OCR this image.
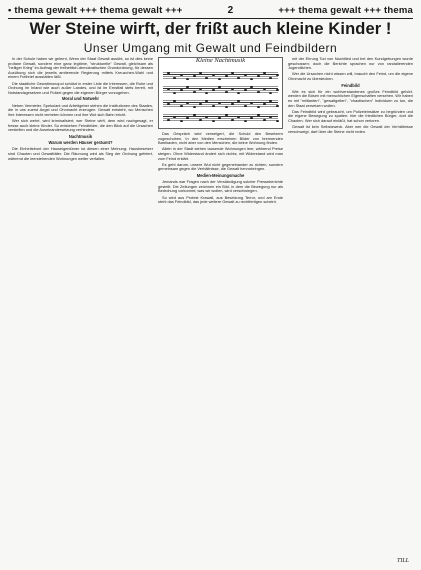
• thema gewalt +++ thema gewalt +++	2	+++ thema gewalt +++ thema
Wer Steine wirft, der frißt auch kleine Kinder !
Unser Umgang mit Gewalt und Feindbildern

In der Schule haben wir gelernt, Wenn der Staat Gewalt ausübt, so ist dies keine profane Gewalt, sondern eine ganz legitime, "strukturelle" Gewalt, gleichsam als "heiliger Krieg" im Auftrag der freiheitlich-demokratischen Grundordnung, für dessen Ausübung sich die jeweils amtierende Regierung mittels Kreuzchen-Wahl und einem Freibrief ausstatten läßt.

Die staatliche Gewaltmonopol schützt in erster Linie die Interessen, die Ruhe und Ordnung im Inland wie auch außer Landes, und ist im Ernstfall stets bereit, mit Notstandsgesetzen und Polizei gegen die eigenen Bürger vorzugehen.

Moral und Notwehr

Neben Vermieter, Spekulant und Arbeitgeber stehen die Institutionen des Staates, die in uns zuerst Angst und Ohnmacht erzeugen. Gewalt entsteht, wo Menschen ihre Interessen nicht vertreten können und ihre Wut sich Bahn bricht.

Wer sich wehrt, wird kriminalisiert; wer Steine wirft, dem wird nachgesagt, er fresse auch kleine Kinder. So entstehen Feindbilder, die den Blick auf die Ursachen verstellen und die Auseinandersetzung verhindern.

Nachtmusik

Warum werden Häuser geräumt?

Die Einheitsfront der Hauseigentümer ist diesen einer Meinung: Hausbesetzer sind Chaoten und Gewalttäter. Die Räumung wird als Sieg der Ordnung gefeiert, während die leerstehenden Wohnungen weiter verfallen.

Kleine Nachtmusik

Das Gespräch wird verweigert, die Schuld den Besetzern zugeschoben. In den Medien erscheinen Bilder von brennenden Barrikaden, nicht aber von den Menschen, die keine Wohnung finden.

Allein in der Stadt stehen tausende Wohnungen leer, während Preise steigen. Ohne Widerstand ändert sich nichts; mit Widerstand wird man zum Feind erklärt.

Es geht darum, unsere Wut nicht gegeneinander zu richten, sondern gemeinsam gegen die Verhältnisse, die Gewalt hervorbringen.

Medien-Meinungsmache

Jemands war Fragen nach der Verständigung solcher Presseberichte gestellt. Die Zeitungen zeichnen ein Bild, in dem die Bewegung nur als Bedrohung vorkommt; was wir wollen, wird verschwiegen.

So wird aus Protest Krawall, aus Besetzung Terror, und am Ende steht das Feindbild, das jede weitere Gewalt zu rechtfertigen scheint.

mit der Ehrung Tod von Nachtlied und bei den Kundgebungen wurde geschossen; doch die Berichte sprachen nur von randalierenden Jugendlichen.

Wer die Ursachen nicht wissen will, braucht den Feind, um die eigene Ohnmacht zu überdecken.

Feindbild

Wie es sich für ein wohlverstandenes großes Feindbild gehört, werden die Bösen mit menschlichen Eigenschaften versehen. Wir haben es mit "militanten", "gewaltgeilen", "chaotischen" Individuen zu tun, die den Staat zersetzen wollen.

Das Feindbild wird gebraucht, um Polizeieinsätze zu begründen und die eigene Bewegung zu spalten: hier die friedlichen Bürger, dort die Chaoten. Wer sich darauf einläßt, hat schon verloren.

Gewalt ist kein Selbstzweck. Aber wer die Gewalt der Verhältnisse verschweigt, darf über die Steine nicht reden.

TILL
